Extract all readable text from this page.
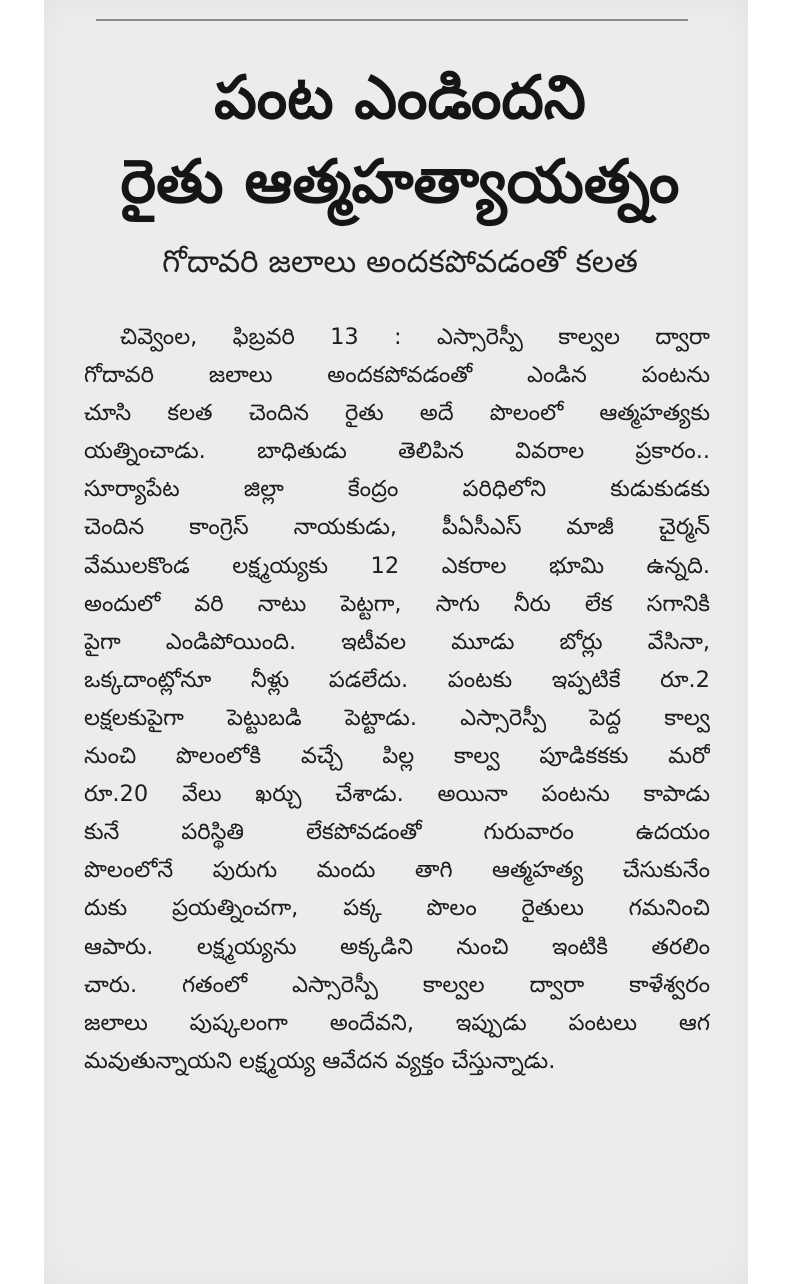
పంట ఎండిందని
రైతు ఆత్మహత్యాయత్నం
గోదావరి జలాలు అందకపోవడంతో కలత
చివ్వెంల, ఫిబ్రవరి 13 : ఎస్సారెస్పీ కాల్వల ద్వారా
గోదావరి జలాలు అందకపోవడంతో ఎండిన పంటను
చూసి కలత చెందిన రైతు అదే పొలంలో ఆత్మహత్యకు
యత్నించాడు. బాధితుడు తెలిపిన వివరాల ప్రకారం..
సూర్యాపేట జిల్లా కేంద్రం పరిధిలోని కుడుకుడకు
చెందిన కాంగ్రెస్ నాయకుడు, పీఏసీఎస్ మాజీ చైర్మన్
వేములకొండ లక్ష్మయ్యకు 12 ఎకరాల భూమి ఉన్నది.
అందులో వరి నాటు పెట్టగా, సాగు నీరు లేక సగానికి
పైగా ఎండిపోయింది. ఇటీవల మూడు బోర్లు వేసినా,
ఒక్కదాంట్లోనూ నీళ్లు పడలేదు. పంటకు ఇప్పటికే రూ.2
లక్షలకుపైగా పెట్టుబడి పెట్టాడు. ఎస్సారెస్పీ పెద్ద కాల్వ
నుంచి పొలంలోకి వచ్చే పిల్ల కాల్వ పూడికకకు మరో
రూ.20 వేలు ఖర్చు చేశాడు. అయినా పంటను కాపాడు
కునే పరిస్థితి లేకపోవడంతో గురువారం ఉదయం
పొలంలోనే పురుగు మందు తాగి ఆత్మహత్య చేసుకునేం
దుకు ప్రయత్నించగా, పక్క పొలం రైతులు గమనించి
ఆపారు. లక్ష్మయ్యను అక్కడిని నుంచి ఇంటికి తరలిం
చారు. గతంలో ఎస్సారెస్పీ కాల్వల ద్వారా కాళేశ్వరం
జలాలు పుష్కలంగా అందేవని, ఇప్పుడు పంటలు ఆగ
మవుతున్నాయని లక్ష్మయ్య ఆవేదన వ్యక్తం చేస్తున్నాడు.
